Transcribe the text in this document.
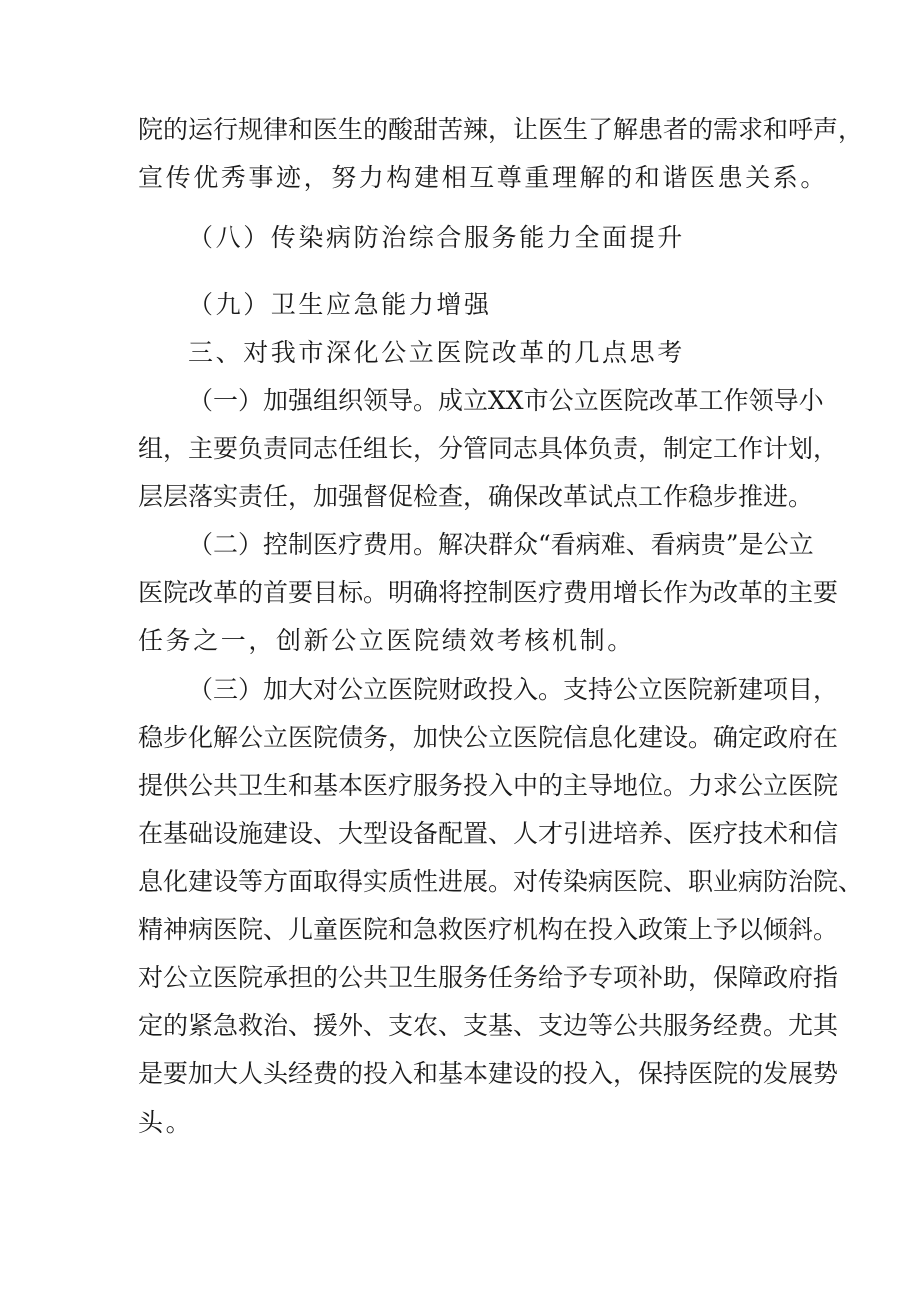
院的运行规律和医生的酸甜苦辣，让医生了解患者的需求和呼声，
宣传优秀事迹，努力构建相互尊重理解的和谐医患关系。
（八）传染病防治综合服务能力全面提升
（九）卫生应急能力增强
三、对我市深化公立医院改革的几点思考
（一）加强组织领导。成立XX市公立医院改革工作领导小
组，主要负责同志任组长，分管同志具体负责，制定工作计划，
层层落实责任，加强督促检查，确保改革试点工作稳步推进。
（二）控制医疗费用。解决群众“看病难、看病贵”是公立
医院改革的首要目标。明确将控制医疗费用增长作为改革的主要
任务之一，创新公立医院绩效考核机制。
（三）加大对公立医院财政投入。支持公立医院新建项目，
稳步化解公立医院债务，加快公立医院信息化建设。确定政府在
提供公共卫生和基本医疗服务投入中的主导地位。力求公立医院
在基础设施建设、大型设备配置、人才引进培养、医疗技术和信
息化建设等方面取得实质性进展。对传染病医院、职业病防治院、
精神病医院、儿童医院和急救医疗机构在投入政策上予以倾斜。
对公立医院承担的公共卫生服务任务给予专项补助，保障政府指
定的紧急救治、援外、支农、支基、支边等公共服务经费。尤其
是要加大人头经费的投入和基本建设的投入，保持医院的发展势
头。
